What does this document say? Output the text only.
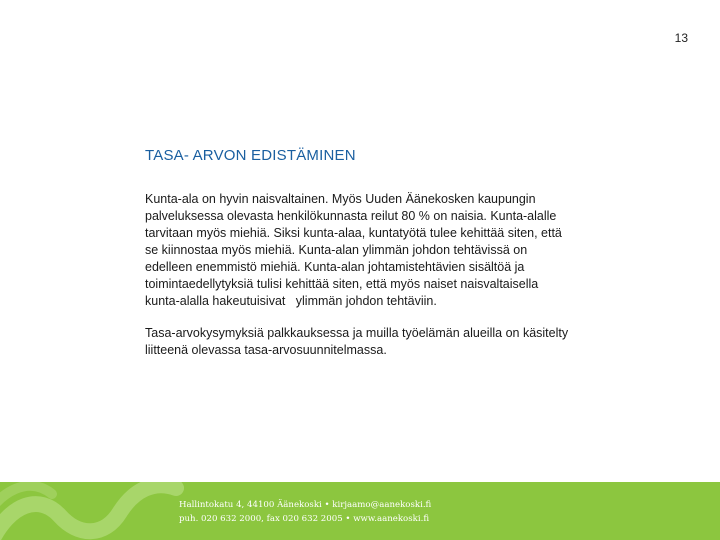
13
TASA- ARVON EDISTÄMINEN

Kunta-ala on hyvin naisvaltainen. Myös Uuden Äänekosken kaupungin
palveluksessa olevasta henkilökunnasta reilut 80 % on naisia. Kunta-alalle
tarvitaan myös miehiä. Siksi kunta-alaa, kuntatyötä tulee kehittää siten, että
se kiinnostaa myös miehiä. Kunta-alan ylimmän johdon tehtävissä on
edelleen enemmistö miehiä. Kunta-alan johtamistehtävien sisältöä ja
toimintaedellytyksiä tulisi kehittää siten, että myös naiset naisvaltaisella
kunta-alalla hakeutuisivat   ylimmän johdon tehtäviin.

Tasa-arvokysymyksiä palkkauksessa ja muilla työelämän alueilla on käsitelty
liitteenä olevassa tasa-arvosuunnitelmassa.

Hallintokatu 4, 44100 Äänekoski • kirjaamo@aanekoski.fi
puh. 020 632 2000, fax 020 632 2005 • www.aanekoski.fi
